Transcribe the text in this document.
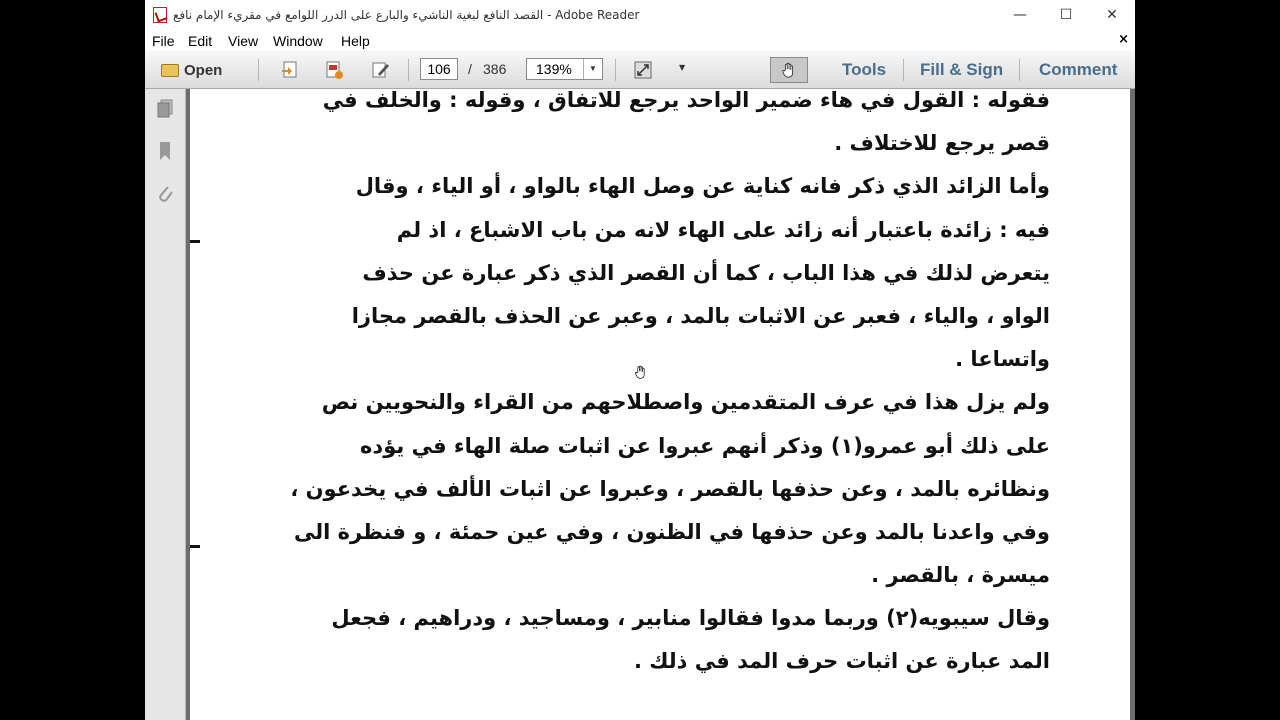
القصد النافع لبغية الناشيء والبارع على الدرر اللوامع في مقريء الإمام نافع - Adobe Reader	—	☐	✕
File Edit View Window Help	×
Open	106	/ 386 139%	▼	▼	Tools Fill & Sign Comment
فقوله : القول في هاء ضمير الواحد يرجع للاتفاق ، وقوله : والخلف في
قصر يرجع للاختلاف .
وأما الزائد الذي ذكر فانه كناية عن وصل الهاء بالواو ، أو الياء ، وقال
فيه : زائدة باعتبار أنه زائد على الهاء لانه من باب الاشباع ، اذ لم
يتعرض لذلك في هذا الباب ، كما أن القصر الذي ذكر عبارة عن حذف
الواو ، والياء ، فعبر عن الاثبات بالمد ، وعبر عن الحذف بالقصر مجازا
واتساعا .
ولم يزل هذا في عرف المتقدمين واصطلاحهم من القراء والنحويين نص
على ذلك أبو عمرو(١) وذكر أنهم عبروا عن اثبات صلة الهاء في يؤده
ونظائره بالمد ، وعن حذفها بالقصر ، وعبروا عن اثبات الألف في يخدعون ،
وفي واعدنا بالمد وعن حذفها في الظنون ، وفي عين حمئة ، و فنظرة الى
ميسرة ، بالقصر .
وقال سيبويه(٢) وربما مدوا فقالوا منابير ، ومساجيد ، ودراهيم ، فجعل
المد عبارة عن اثبات حرف المد في ذلك .
